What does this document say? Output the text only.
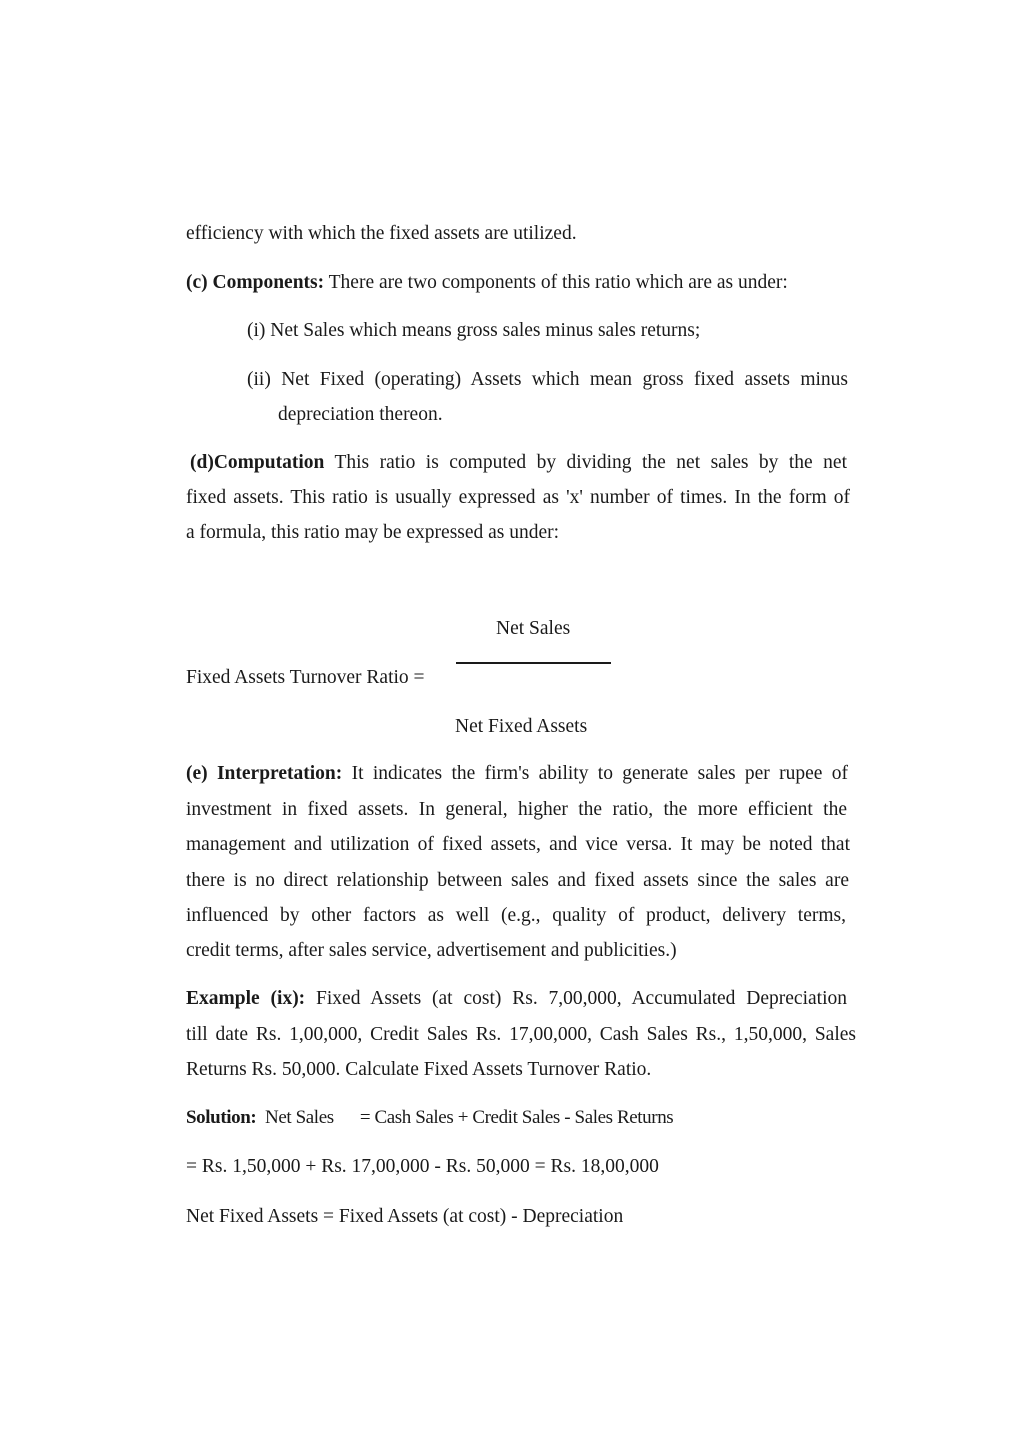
efficiency with which the fixed assets are utilized.
(c) Components: There are two components of this ratio which are as under:
(i) Net Sales which means gross sales minus sales returns;
(ii) Net Fixed (operating) Assets which mean gross fixed assets minus
depreciation thereon.
(d)Computation This ratio is computed by dividing the net sales by the net
fixed assets. This ratio is usually expressed as 'x' number of times. In the form of
a formula, this ratio may be expressed as under:
Net Sales
Fixed Assets Turnover Ratio =
Net Fixed Assets
(e) Interpretation: It indicates the firm's ability to generate sales per rupee of
investment in fixed assets. In general, higher the ratio, the more efficient the
management and utilization of fixed assets, and vice versa. It may be noted that
there is no direct relationship between sales and fixed assets since the sales are
influenced by other factors as well (e.g., quality of product, delivery terms,
credit terms, after sales service, advertisement and publicities.)
Example (ix): Fixed Assets (at cost) Rs. 7,00,000, Accumulated Depreciation
till date Rs. 1,00,000, Credit Sales Rs. 17,00,000, Cash Sales Rs., 1,50,000, Sales
Returns Rs. 50,000. Calculate Fixed Assets Turnover Ratio.
Solution:  Net Sales      = Cash Sales + Credit Sales - Sales Returns
= Rs. 1,50,000 + Rs. 17,00,000 - Rs. 50,000 = Rs. 18,00,000
Net Fixed Assets = Fixed Assets (at cost) - Depreciation
